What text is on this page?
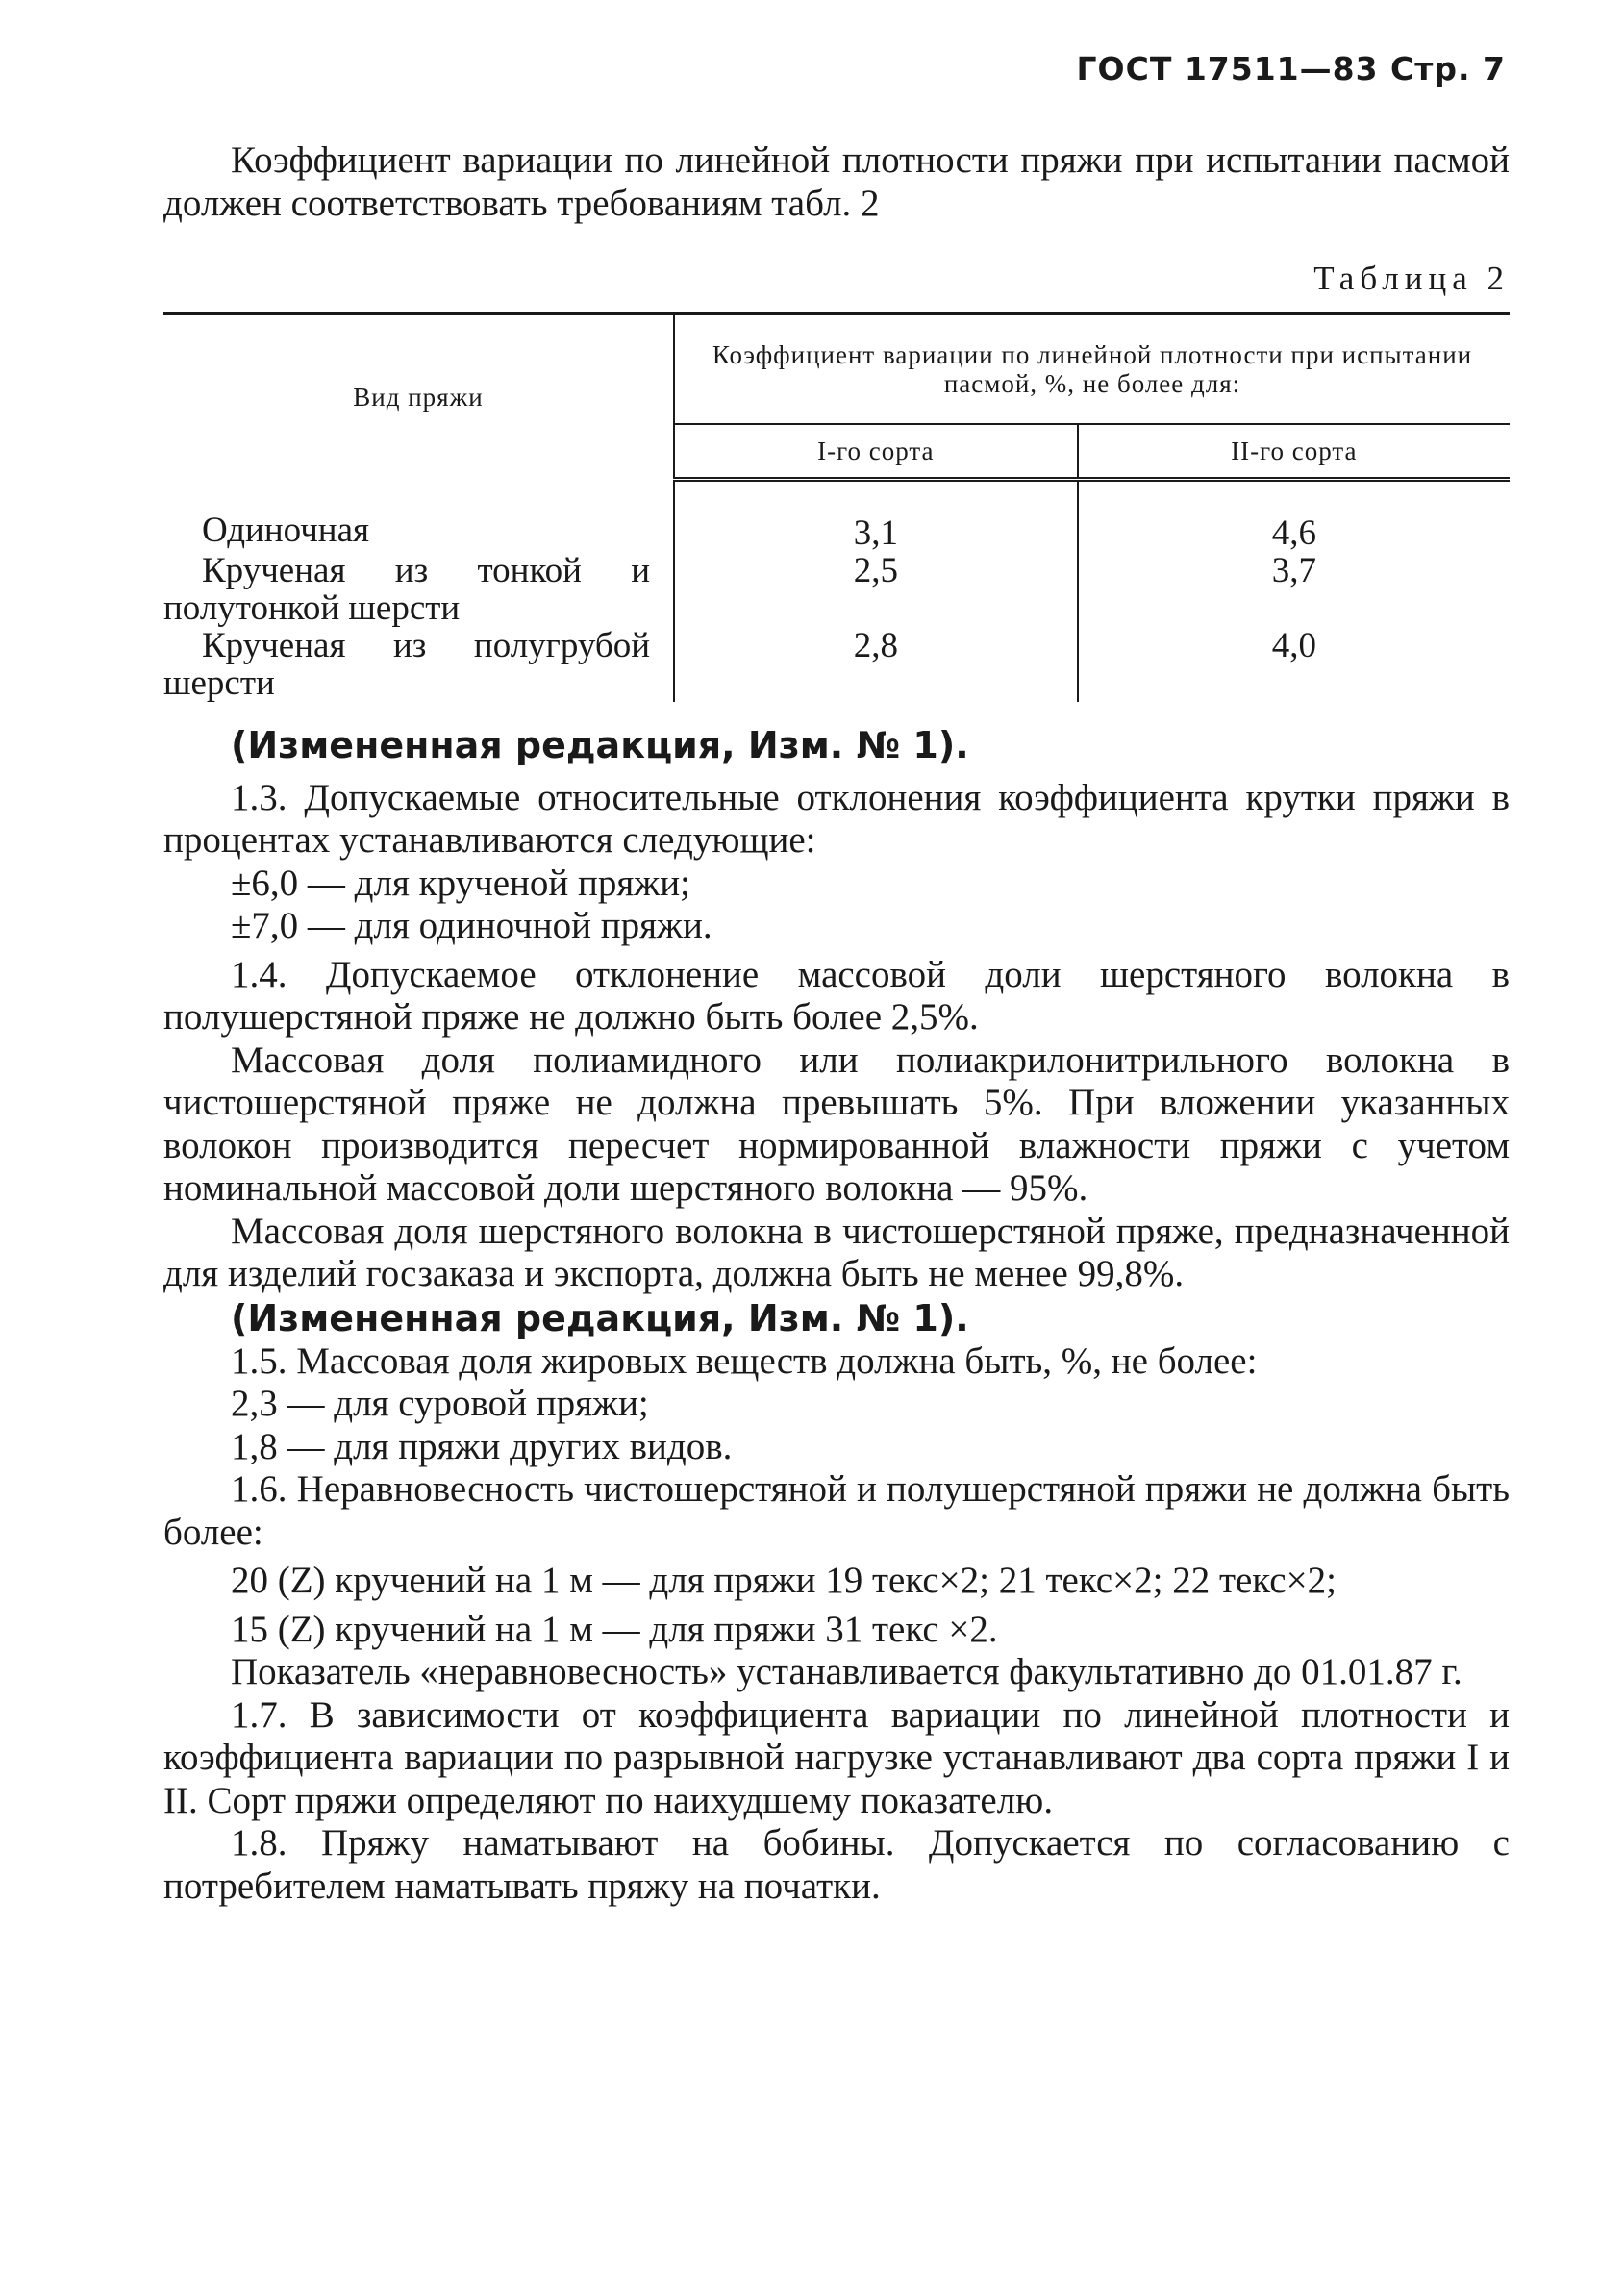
ГОСТ 17511—83 Стр. 7

Коэффициент вариации по линейной плотности пряжи при испытании пасмой должен соответствовать требованиям табл. 2

Таблица 2
Вид пряжи	Коэффициент вариации по линейной плотности при испытании пасмой, %, не более для:	
	I-го сорта	II-го сорта

Одиночная	3,1	4,6

Крученая из тонкой и полутонкой шерсти	2,5	3,7

Крученая из полугрубой шерсти	2,8	4,0

(Измененная редакция, Изм. № 1).

1.3. Допускаемые относительные отклонения коэффициента крутки пряжи в процентах устанавливаются следующие:

±6,0 — для крученой пряжи;

±7,0 — для одиночной пряжи.

1.4. Допускаемое отклонение массовой доли шерстяного волокна в полушерстяной пряже не должно быть более 2,5%.

Массовая доля полиамидного или полиакрилонитрильного волокна в чистошерстяной пряже не должна превышать 5%. При вложении указанных волокон производится пересчет нормированной влажности пряжи с учетом номинальной массовой доли шерстяного волокна — 95%.

Массовая доля шерстяного волокна в чистошерстяной пряже, предназначенной для изделий госзаказа и экспорта, должна быть не менее 99,8%.

(Измененная редакция, Изм. № 1).

1.5. Массовая доля жировых веществ должна быть, %, не более:

2,3 — для суровой пряжи;

1,8 — для пряжи других видов.

1.6. Неравновесность чистошерстяной и полушерстяной пряжи не должна быть более:

20 (Z) кручений на 1 м — для пряжи 19 текс×2; 21 текс×2; 22 текс×2;

15 (Z) кручений на 1 м — для пряжи 31 текс ×2.

Показатель «неравновесность» устанавливается факультативно до 01.01.87 г.

1.7. В зависимости от коэффициента вариации по линейной плотности и коэффициента вариации по разрывной нагрузке устанавливают два сорта пряжи I и II. Сорт пряжи определяют по наихудшему показателю.

1.8. Пряжу наматывают на бобины. Допускается по согласованию с потребителем наматывать пряжу на початки.
